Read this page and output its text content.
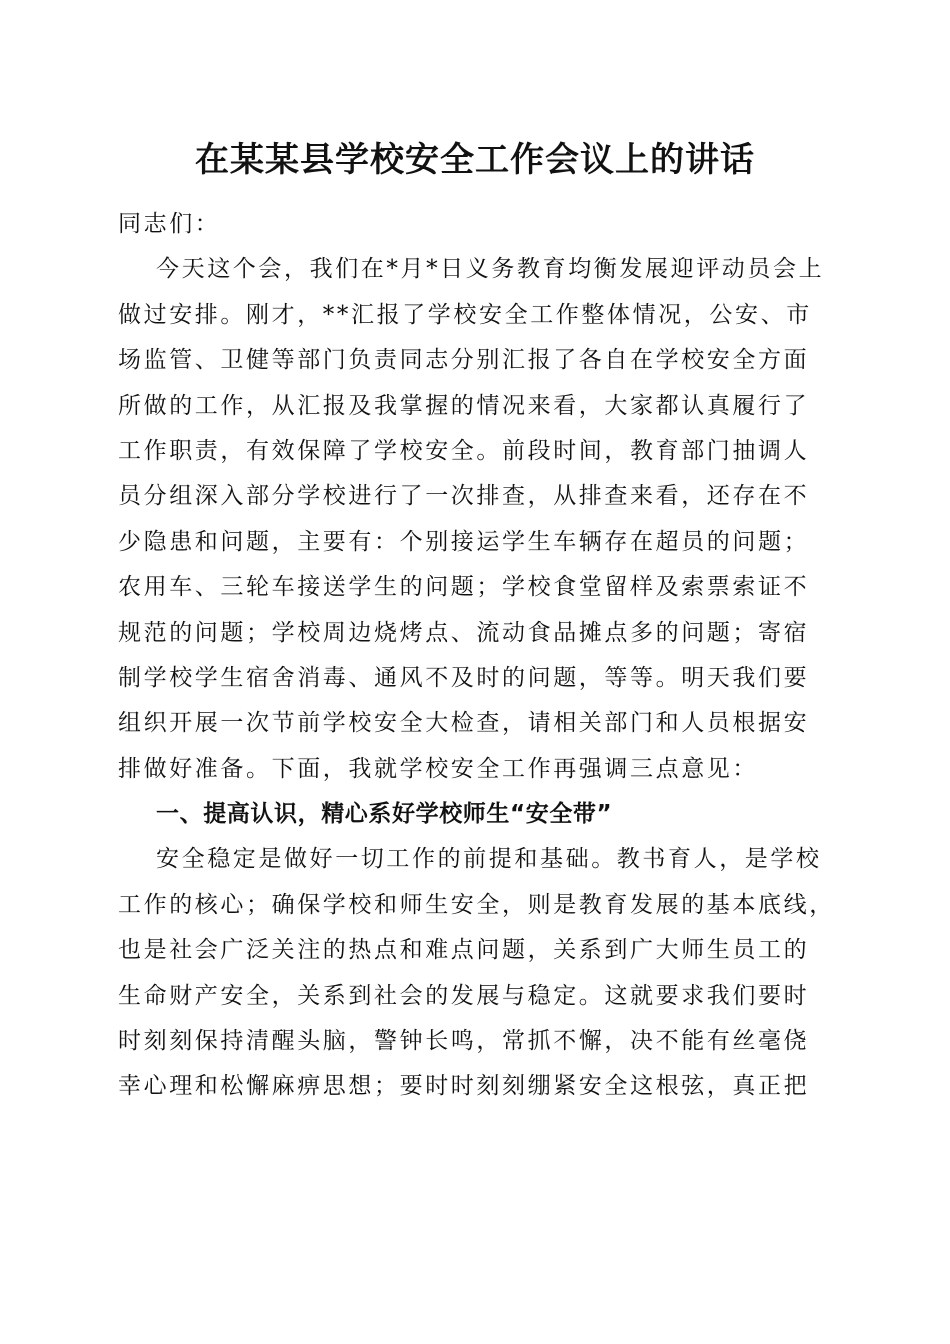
在某某县学校安全工作会议上的讲话
同志们：
今天这个会，我们在*月*日义务教育均衡发展迎评动员会上
做过安排。刚才，**汇报了学校安全工作整体情况，公安、市
场监管、卫健等部门负责同志分别汇报了各自在学校安全方面
所做的工作，从汇报及我掌握的情况来看，大家都认真履行了
工作职责，有效保障了学校安全。前段时间，教育部门抽调人
员分组深入部分学校进行了一次排查，从排查来看，还存在不
少隐患和问题，主要有：个别接运学生车辆存在超员的问题；
农用车、三轮车接送学生的问题；学校食堂留样及索票索证不
规范的问题；学校周边烧烤点、流动食品摊点多的问题；寄宿
制学校学生宿舍消毒、通风不及时的问题，等等。明天我们要
组织开展一次节前学校安全大检查，请相关部门和人员根据安
排做好准备。下面，我就学校安全工作再强调三点意见：
一、提高认识，精心系好学校师生“安全带”
安全稳定是做好一切工作的前提和基础。教书育人，是学校
工作的核心；确保学校和师生安全，则是教育发展的基本底线，
也是社会广泛关注的热点和难点问题，关系到广大师生员工的
生命财产安全，关系到社会的发展与稳定。这就要求我们要时
时刻刻保持清醒头脑，警钟长鸣，常抓不懈，决不能有丝毫侥
幸心理和松懈麻痹思想；要时时刻刻绷紧安全这根弦，真正把
